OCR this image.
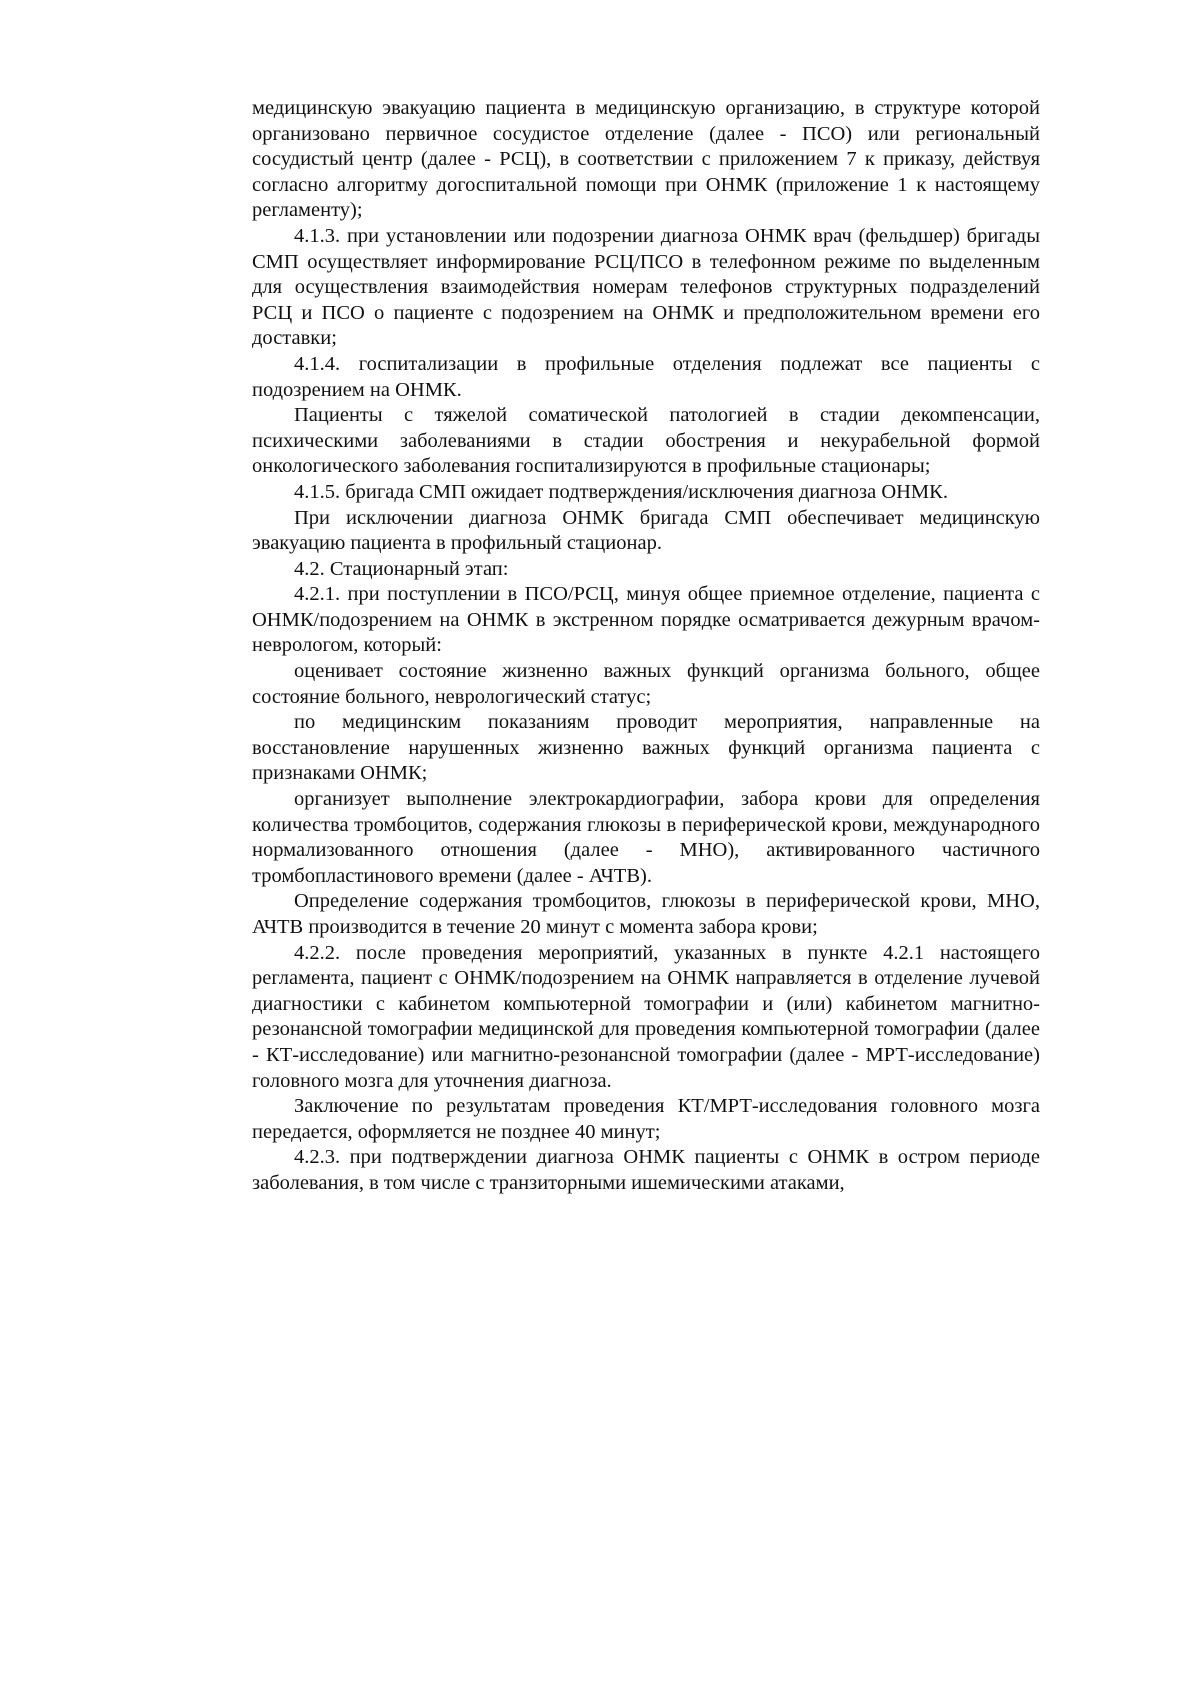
медицинскую эвакуацию пациента в медицинскую организацию, в структуре которой организовано первичное сосудистое отделение (далее - ПСО) или региональный сосудистый центр (далее - РСЦ), в соответствии с приложением 7 к приказу, действуя согласно алгоритму догоспитальной помощи при ОНМК (приложение 1 к настоящему регламенту);

4.1.3. при установлении или подозрении диагноза ОНМК врач (фельдшер) бригады СМП осуществляет информирование РСЦ/ПСО в телефонном режиме по выделенным для осуществления взаимодействия номерам телефонов структурных подразделений РСЦ и ПСО о пациенте с подозрением на ОНМК и предположительном времени его доставки;

4.1.4. госпитализации в профильные отделения подлежат все пациенты с подозрением на ОНМК.

Пациенты с тяжелой соматической патологией в стадии декомпенсации, психическими заболеваниями в стадии обострения и некурабельной формой онкологического заболевания госпитализируются в профильные стационары;

4.1.5. бригада СМП ожидает подтверждения/исключения диагноза ОНМК.

При исключении диагноза ОНМК бригада СМП обеспечивает медицинскую эвакуацию пациента в профильный стационар.

4.2. Стационарный этап:

4.2.1. при поступлении в ПСО/РСЦ, минуя общее приемное отделение, пациента с ОНМК/подозрением на ОНМК в экстренном порядке осматривается дежурным врачом-неврологом, который:

оценивает состояние жизненно важных функций организма больного, общее состояние больного, неврологический статус;

по медицинским показаниям проводит мероприятия, направленные на восстановление нарушенных жизненно важных функций организма пациента с признаками ОНМК;

организует выполнение электрокардиографии, забора крови для определения количества тромбоцитов, содержания глюкозы в периферической крови, международного нормализованного отношения (далее - МНО), активированного частичного тромбопластинового времени (далее - АЧТВ).

Определение содержания тромбоцитов, глюкозы в периферической крови, МНО, АЧТВ производится в течение 20 минут с момента забора крови;

4.2.2. после проведения мероприятий, указанных в пункте 4.2.1 настоящего регламента, пациент с ОНМК/подозрением на ОНМК направляется в отделение лучевой диагностики с кабинетом компьютерной томографии и (или) кабинетом магнитно-резонансной томографии медицинской для проведения компьютерной томографии (далее - КТ-исследование) или магнитно-резонансной томографии (далее - МРТ-исследование) головного мозга для уточнения диагноза.

Заключение по результатам проведения КТ/МРТ-исследования головного мозга передается, оформляется не позднее 40 минут;

4.2.3. при подтверждении диагноза ОНМК пациенты с ОНМК в остром периоде заболевания, в том числе с транзиторными ишемическими атаками,
